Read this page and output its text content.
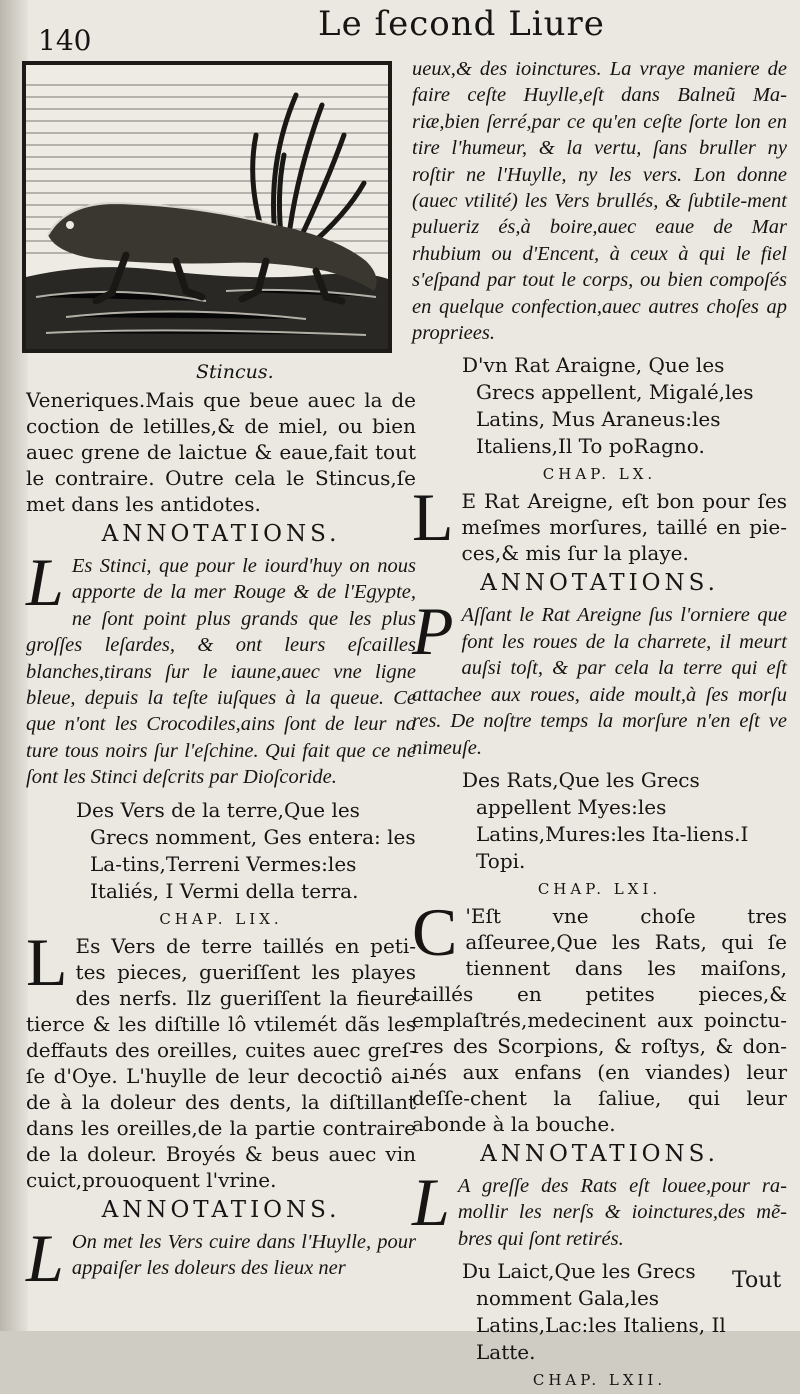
140	Le ſecond Liure
Stincus.

Veneriques.Mais que beue auec la de coction de letilles,& de miel, ou bien auec grene de laictue & eaue,fait tout le contraire. Outre cela le Stincus,ſe met dans les antidotes.

ANNOTATIONS.

L Es Stinci, que pour le iourd'huy on nous apporte de la mer Rouge & de l'Egypte, ne ſont point plus grands que les plus groſſes leſardes, & ont leurs eſcailles blanches,tirans ſur le iaune,auec vne ligne bleue, depuis la teſte iuſques à la queue. Ce que n'ont les Crocodiles,ains ſont de leur na ture tous noirs ſur l'eſchine. Qui fait que ce ne ſont les Stinci deſcrits par Dioſcoride.

Des Vers de la terre,Que les Grecs nomment, Ges entera: les La-tins,Terreni Vermes:les Italiés, I Vermi della terra.
CHAP. LIX.

L Es Vers de terre taillés en peti-tes pieces, gueriſſent les playes des nerfs. Ilz gueriſſent la fieure tierce & les diſtille lô vtilemét dãs les deffauts des oreilles, cuites auec greſ-ſe d'Oye. L'huylle de leur decoctiô ai-de à la doleur des dents, la diſtillant dans les oreilles,de la partie contraire de la doleur. Broyés & beus auec vin cuict,prouoquent l'vrine.

ANNOTATIONS.

L On met les Vers cuire dans l'Huylle, pour appaiſer les doleurs des lieux ner

ueux,& des ioinctures. La vraye maniere de faire ceſte Huylle,eſt dans Balneũ Ma-riæ,bien ſerré,par ce qu'en ceſte ſorte lon en tire l'humeur, & la vertu, ſans bruller ny roſtir ne l'Huylle, ny les vers. Lon donne (auec vtilité) les Vers brullés, & ſubtile-ment pulueriz és,à boire,auec eaue de Mar rhubium ou d'Encent, à ceux à qui le fiel s'eſpand par tout le corps, ou bien compoſés en quelque confection,auec autres choſes ap propriees.

D'vn Rat Araigne, Que les Grecs appellent, Migalé,les Latins, Mus Araneus:les Italiens,Il To poRagno.
CHAP. LX.

L E Rat Areigne, eſt bon pour ſes meſmes morſures, taillé en pie-ces,& mis ſur la playe.

ANNOTATIONS.

P Aſſant le Rat Areigne ſus l'orniere que font les roues de la charrete, il meurt auſsi toſt, & par cela la terre qui eſt attachee aux roues, aide moult,à ſes morſu res. De noſtre temps la morſure n'en eſt ve nimeuſe.

Des Rats,Que les Grecs appellent Myes:les Latins,Mures:les Ita-liens.I Topi.
CHAP. LXI.

C 'Eſt vne choſe tres aſſeuree,Que les Rats, qui ſe tiennent dans les maiſons, taillés en petites pieces,& emplaſtrés,medecinent aux poinctu-res des Scorpions, & roſtys, & don-nés aux enfans (en viandes) leur deſſe-chent la ſaliue, qui leur abonde à la bouche.

ANNOTATIONS.

L A greſſe des Rats eſt louee,pour ra-mollir les nerſs & ioinctures,des mẽ-bres qui ſont retirés.

Du Laict,Que les Grecs nomment Gala,les Latins,Lac:les Italiens, Il Latte.
CHAP. LXII.
Tout
